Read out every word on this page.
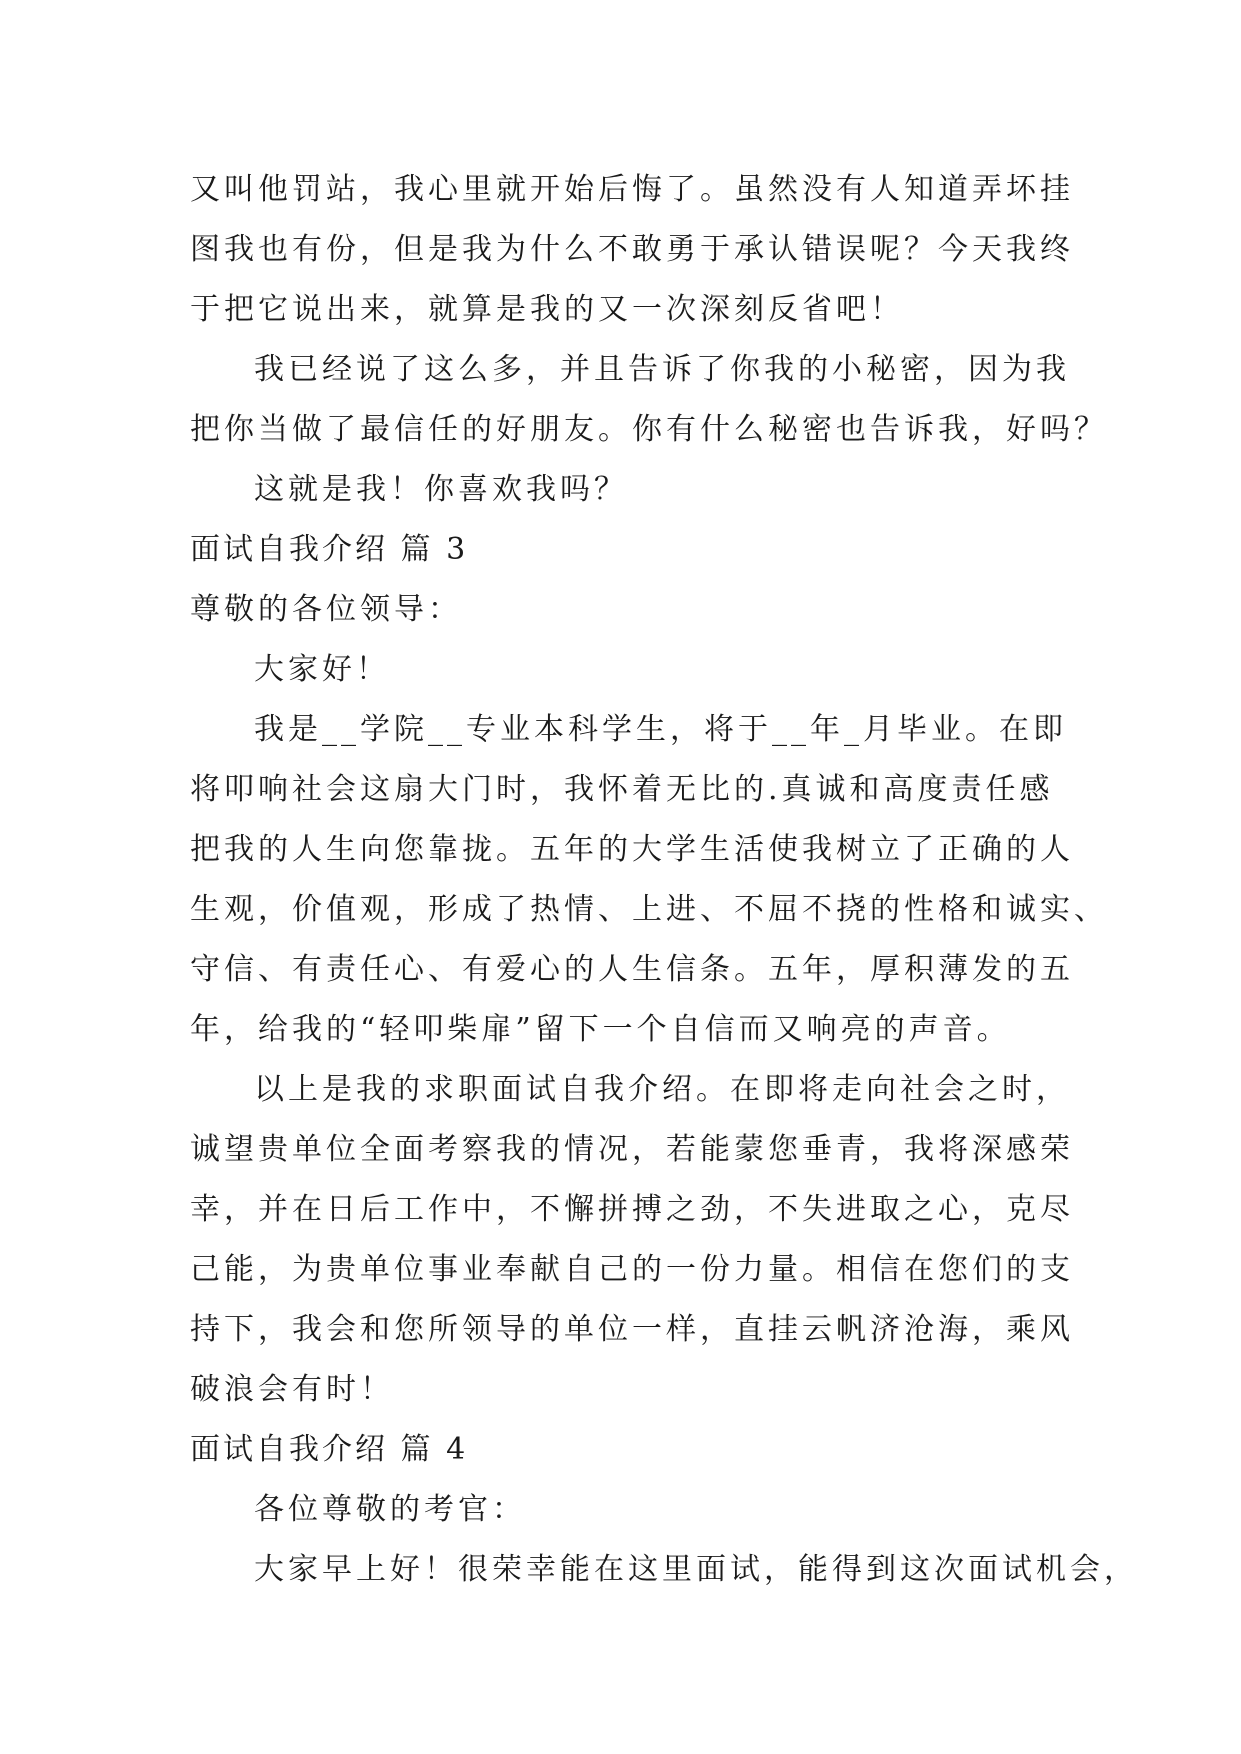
又叫他罚站，我心里就开始后悔了。虽然没有人知道弄坏挂
图我也有份，但是我为什么不敢勇于承认错误呢？今天我终
于把它说出来，就算是我的又一次深刻反省吧！
我已经说了这么多，并且告诉了你我的小秘密，因为我
把你当做了最信任的好朋友。你有什么秘密也告诉我，好吗？
这就是我！你喜欢我吗？
面试自我介绍 篇 3
尊敬的各位领导：
大家好！
我是__学院__专业本科学生，将于__年_月毕业。在即
将叩响社会这扇大门时，我怀着无比的.真诚和高度责任感
把我的人生向您靠拢。五年的大学生活使我树立了正确的人
生观，价值观，形成了热情、上进、不屈不挠的性格和诚实、
守信、有责任心、有爱心的人生信条。五年，厚积薄发的五
年，给我的“轻叩柴扉”留下一个自信而又响亮的声音。
以上是我的求职面试自我介绍。在即将走向社会之时，
诚望贵单位全面考察我的情况，若能蒙您垂青，我将深感荣
幸，并在日后工作中，不懈拼搏之劲，不失进取之心，克尽
己能，为贵单位事业奉献自己的一份力量。相信在您们的支
持下，我会和您所领导的单位一样，直挂云帆济沧海，乘风
破浪会有时！
面试自我介绍 篇 4
各位尊敬的考官：
大家早上好！很荣幸能在这里面试，能得到这次面试机会，
